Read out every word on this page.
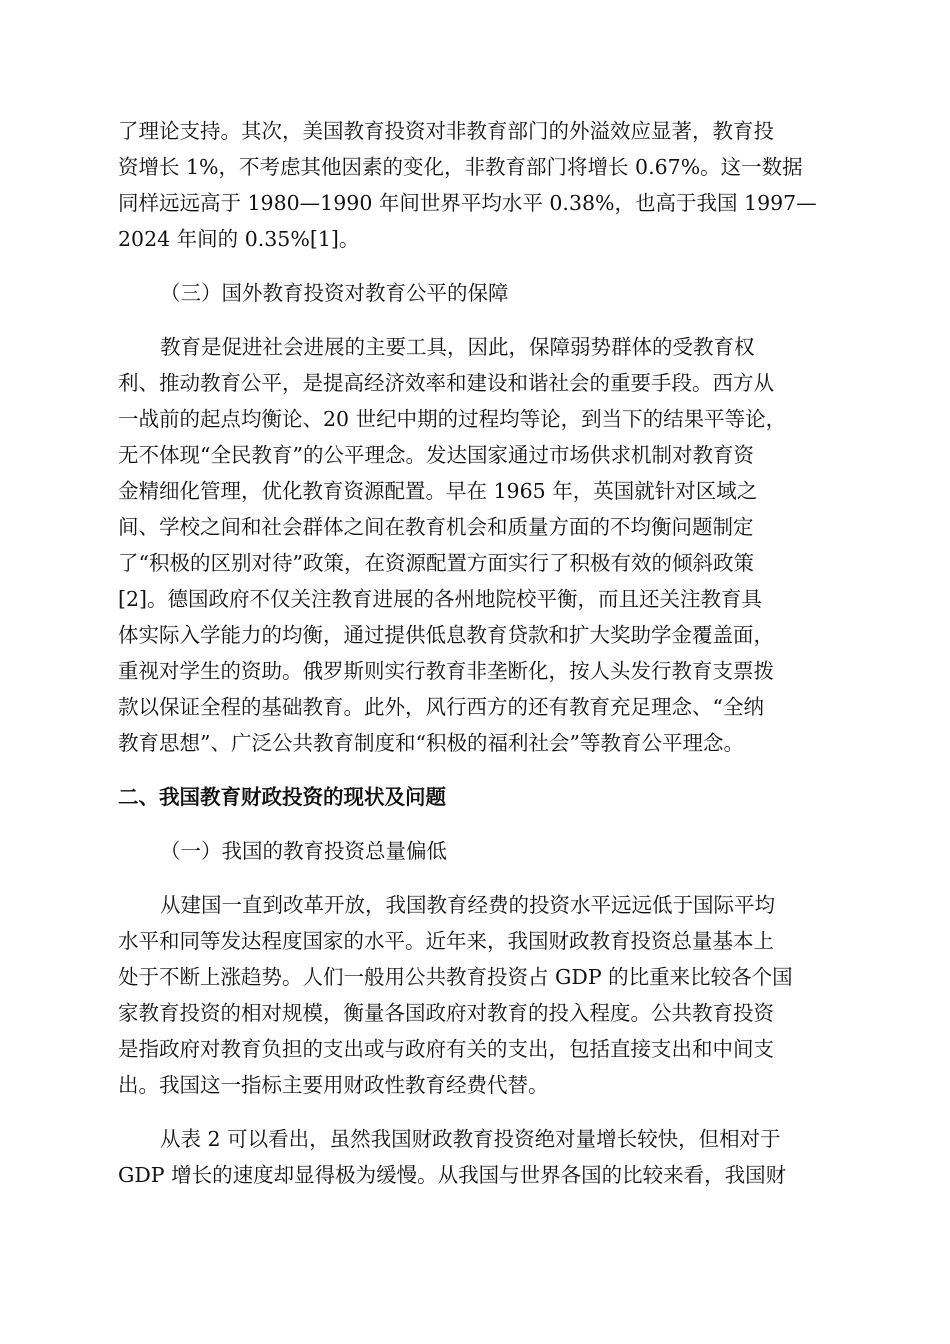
了理论支持。其次，美国教育投资对非教育部门的外溢效应显著，教育投
资增长 1%，不考虑其他因素的变化，非教育部门将增长 0.67%。这一数据
同样远远高于 1980—1990 年间世界平均水平 0.38%，也高于我国 1997—
2024 年间的 0.35%[1]。
（三）国外教育投资对教育公平的保障
教育是促进社会进展的主要工具，因此，保障弱势群体的受教育权
利、推动教育公平，是提高经济效率和建设和谐社会的重要手段。西方从
一战前的起点均衡论、20 世纪中期的过程均等论，到当下的结果平等论，
无不体现“全民教育”的公平理念。发达国家通过市场供求机制对教育资
金精细化管理，优化教育资源配置。早在 1965 年，英国就针对区域之
间、学校之间和社会群体之间在教育机会和质量方面的不均衡问题制定
了“积极的区别对待”政策，在资源配置方面实行了积极有效的倾斜政策
[2]。德国政府不仅关注教育进展的各州地院校平衡，而且还关注教育具
体实际入学能力的均衡，通过提供低息教育贷款和扩大奖助学金覆盖面，
重视对学生的资助。俄罗斯则实行教育非垄断化，按人头发行教育支票拨
款以保证全程的基础教育。此外，风行西方的还有教育充足理念、“全纳
教育思想”、广泛公共教育制度和“积极的福利社会”等教育公平理念。
二、我国教育财政投资的现状及问题
（一）我国的教育投资总量偏低
从建国一直到改革开放，我国教育经费的投资水平远远低于国际平均
水平和同等发达程度国家的水平。近年来，我国财政教育投资总量基本上
处于不断上涨趋势。人们一般用公共教育投资占 GDP 的比重来比较各个国
家教育投资的相对规模，衡量各国政府对教育的投入程度。公共教育投资
是指政府对教育负担的支出或与政府有关的支出，包括直接支出和中间支
出。我国这一指标主要用财政性教育经费代替。
从表 2 可以看出，虽然我国财政教育投资绝对量增长较快，但相对于
GDP 增长的速度却显得极为缓慢。从我国与世界各国的比较来看，我国财
